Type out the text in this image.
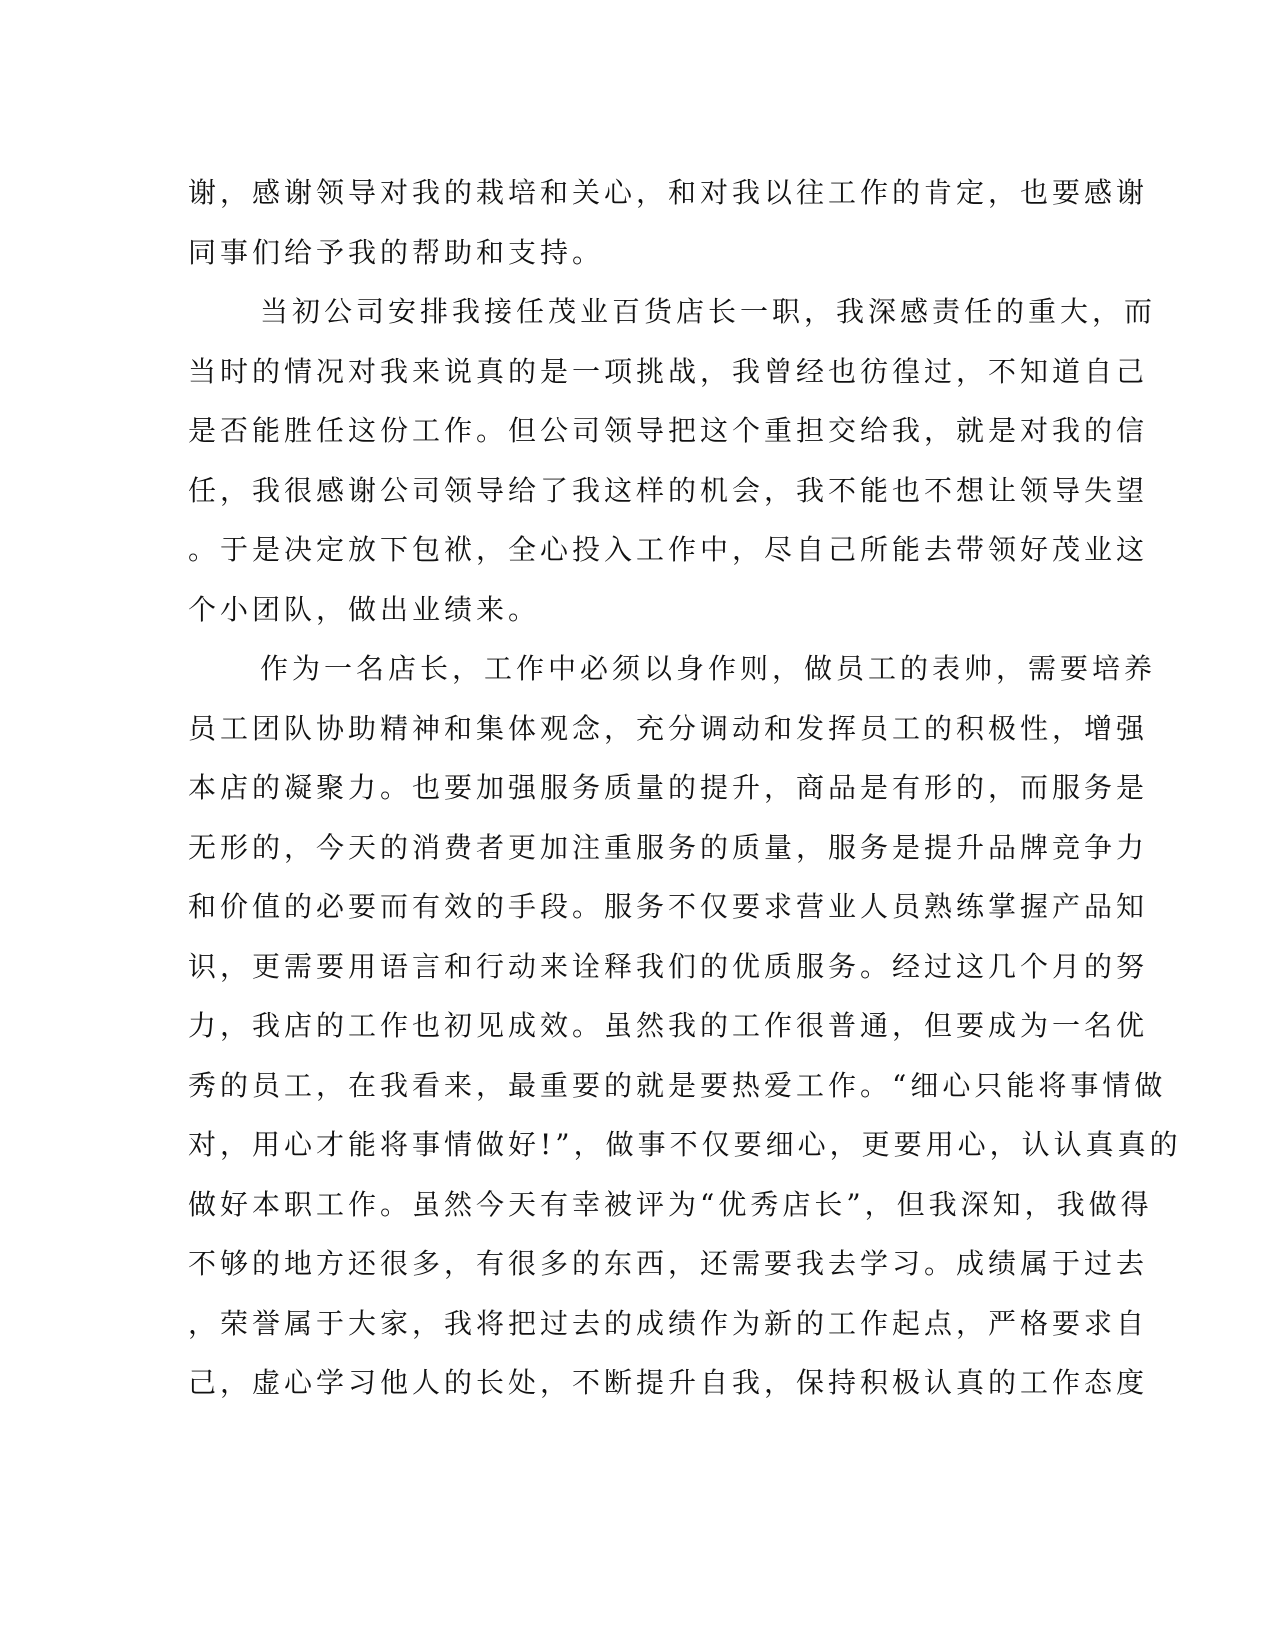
谢，感谢领导对我的栽培和关心，和对我以往工作的肯定，也要感谢
同事们给予我的帮助和支持。
当初公司安排我接任茂业百货店长一职，我深感责任的重大，而
当时的情况对我来说真的是一项挑战，我曾经也彷徨过，不知道自己
是否能胜任这份工作。但公司领导把这个重担交给我，就是对我的信
任，我很感谢公司领导给了我这样的机会，我不能也不想让领导失望
。于是决定放下包袱，全心投入工作中，尽自己所能去带领好茂业这
个小团队，做出业绩来。
作为一名店长，工作中必须以身作则，做员工的表帅，需要培养
员工团队协助精神和集体观念，充分调动和发挥员工的积极性，增强
本店的凝聚力。也要加强服务质量的提升，商品是有形的，而服务是
无形的，今天的消费者更加注重服务的质量，服务是提升品牌竞争力
和价值的必要而有效的手段。服务不仅要求营业人员熟练掌握产品知
识，更需要用语言和行动来诠释我们的优质服务。经过这几个月的努
力，我店的工作也初见成效。虽然我的工作很普通，但要成为一名优
秀的员工，在我看来，最重要的就是要热爱工作。“细心只能将事情做
对，用心才能将事情做好!”，做事不仅要细心，更要用心，认认真真的
做好本职工作。虽然今天有幸被评为“优秀店长”，但我深知，我做得
不够的地方还很多，有很多的东西，还需要我去学习。成绩属于过去
，荣誉属于大家，我将把过去的成绩作为新的工作起点，严格要求自
己，虚心学习他人的长处，不断提升自我，保持积极认真的工作态度
